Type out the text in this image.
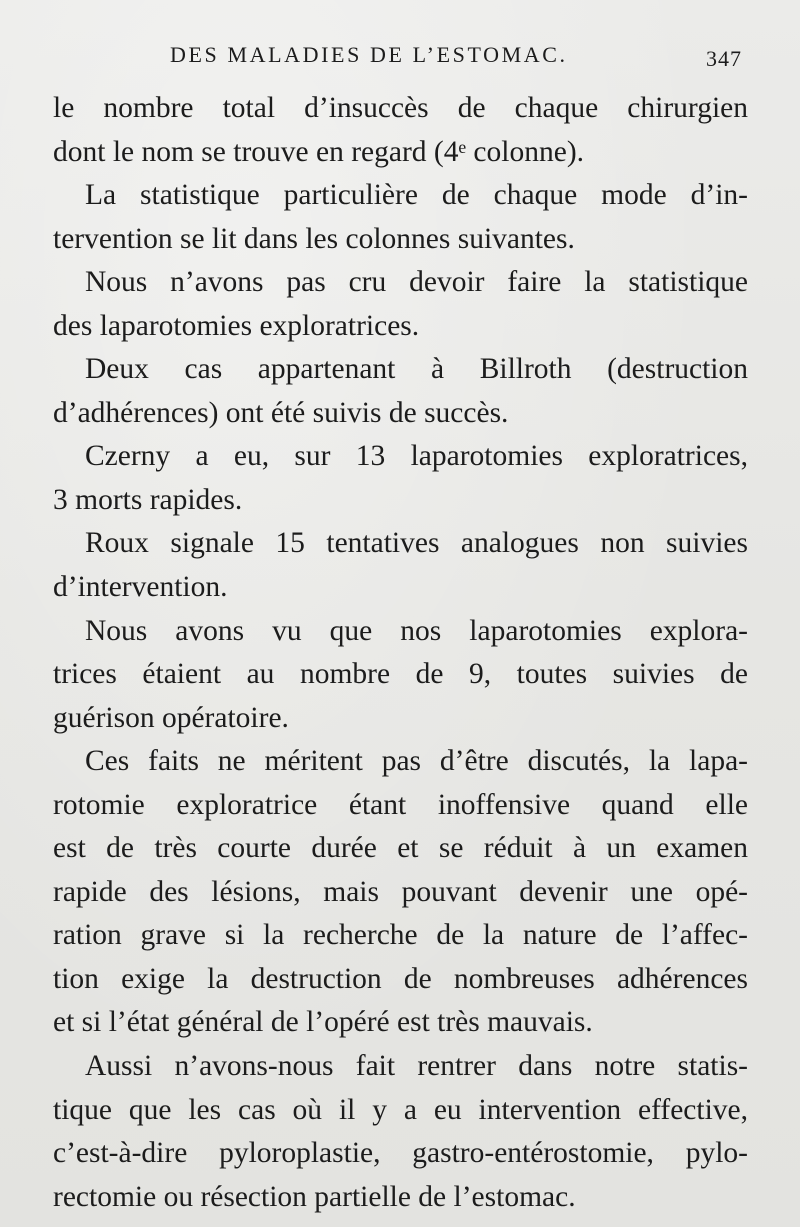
DES MALADIES DE L’ESTOMAC.	347
le nombre total d’insuccès de chaque chirurgien
dont le nom se trouve en regard (4ᵉ colonne).
La statistique particulière de chaque mode d’in-
tervention se lit dans les colonnes suivantes.
Nous n’avons pas cru devoir faire la statistique
des laparotomies exploratrices.
Deux cas appartenant à Billroth (destruction
d’adhérences) ont été suivis de succès.
Czerny a eu, sur 13 laparotomies exploratrices,
3 morts rapides.
Roux signale 15 tentatives analogues non suivies
d’intervention.
Nous avons vu que nos laparotomies explora-
trices étaient au nombre de 9, toutes suivies de
guérison opératoire.
Ces faits ne méritent pas d’être discutés, la lapa-
rotomie exploratrice étant inoffensive quand elle
est de très courte durée et se réduit à un examen
rapide des lésions, mais pouvant devenir une opé-
ration grave si la recherche de la nature de l’affec-
tion exige la destruction de nombreuses adhérences
et si l’état général de l’opéré est très mauvais.
Aussi n’avons-nous fait rentrer dans notre statis-
tique que les cas où il y a eu intervention effective,
c’est-à-dire pyloroplastie, gastro-entérostomie, pylo-
rectomie ou résection partielle de l’estomac.
